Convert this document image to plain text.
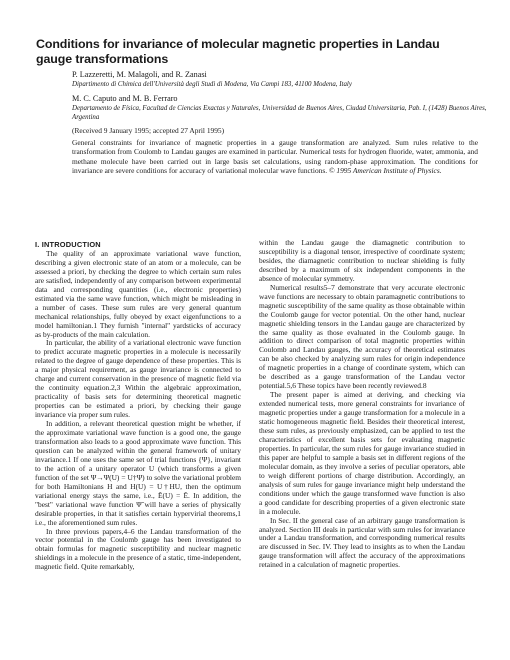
Conditions for invariance of molecular magnetic properties in Landau gauge transformations
P. Lazzeretti, M. Malagoli, and R. Zanasi
Dipartimento di Chimica dell'Università degli Studi di Modena, Via Campi 183, 41100 Modena, Italy
M. C. Caputo and M. B. Ferraro
Departamento de Física, Facultad de Ciencias Exactas y Naturales, Universidad de Buenos Aires, Ciudad Universitaria, Pab. I, (1428) Buenos Aires, Argentina
(Received 9 January 1995; accepted 27 April 1995)

General constraints for invariance of magnetic properties in a gauge transformation are analyzed. Sum rules relative to the transformation from Coulomb to Landau gauges are examined in particular. Numerical tests for hydrogen fluoride, water, ammonia, and methane molecule have been carried out in large basis set calculations, using random-phase approximation. The conditions for invariance are severe conditions for accuracy of variational molecular wave functions. © 1995 American Institute of Physics.

I. INTRODUCTION

The quality of an approximate variational wave function, describing a given electronic state of an atom or a molecule, can be assessed a priori, by checking the degree to which certain sum rules are satisfied, independently of any comparison between experimental data and corresponding quantities (i.e., electronic properties) estimated via the same wave function, which might be misleading in a number of cases. These sum rules are very general quantum mechanical relationships, fully obeyed by exact eigenfunctions to a model hamiltonian.1 They furnish "internal" yardsticks of accuracy as by-products of the main calculation.

In particular, the ability of a variational electronic wave function to predict accurate magnetic properties in a molecule is necessarily related to the degree of gauge dependence of these properties. This is a major physical requirement, as gauge invariance is connected to charge and current conservation in the presence of magnetic field via the continuity equation.2,3 Within the algebraic approximation, practicality of basis sets for determining theoretical magnetic properties can be estimated a priori, by checking their gauge invariance via proper sum rules.

In addition, a relevant theoretical question might be whether, if the approximate variational wave function is a good one, the gauge transformation also leads to a good approximate wave function. This question can be analyzed within the general framework of unitary invariance.1 If one uses the same set of trial functions {Ψ}, invariant to the action of a unitary operator U (which transforms a given function of the set Ψ→Ψ(U) = U†Ψ) to solve the variational problem for both Hamiltonians H and H(U) = U†HU, then the optimum variational energy stays the same, i.e., Ẽ(U) = Ẽ. In addition, the "best" variational wave function Ψ̃ will have a series of physically desirable properties, in that it satisfies certain hypervirial theorems,1 i.e., the aforementioned sum rules.

In three previous papers,4–6 the Landau transformation of the vector potential in the Coulomb gauge has been investigated to obtain formulas for magnetic susceptibility and nuclear magnetic shieldings in a molecule in the presence of a static, time-independent, magnetic field. Quite remarkably,

within the Landau gauge the diamagnetic contribution to susceptibility is a diagonal tensor, irrespective of coordinate system; besides, the diamagnetic contribution to nuclear shielding is fully described by a maximum of six independent components in the absence of molecular symmetry.

Numerical results5–7 demonstrate that very accurate electronic wave functions are necessary to obtain paramagnetic contributions to magnetic susceptibility of the same quality as those obtainable within the Coulomb gauge for vector potential. On the other hand, nuclear magnetic shielding tensors in the Landau gauge are characterized by the same quality as those evaluated in the Coulomb gauge. In addition to direct comparison of total magnetic properties within Coulomb and Landau gauges, the accuracy of theoretical estimates can be also checked by analyzing sum rules for origin independence of magnetic properties in a change of coordinate system, which can be described as a gauge transformation of the Landau vector potential.5,6 These topics have been recently reviewed.8

The present paper is aimed at deriving, and checking via extended numerical tests, more general constraints for invariance of magnetic properties under a gauge transformation for a molecule in a static homogeneous magnetic field. Besides their theoretical interest, these sum rules, as previously emphasized, can be applied to test the characteristics of excellent basis sets for evaluating magnetic properties. In particular, the sum rules for gauge invariance studied in this paper are helpful to sample a basis set in different regions of the molecular domain, as they involve a series of peculiar operators, able to weigh different portions of charge distribution. Accordingly, an analysis of sum rules for gauge invariance might help understand the conditions under which the gauge transformed wave function is also a good candidate for describing properties of a given electronic state in a molecule.

In Sec. II the general case of an arbitrary gauge transformation is analyzed. Section III deals in particular with sum rules for invariance under a Landau transformation, and corresponding numerical results are discussed in Sec. IV. They lead to insights as to when the Landau gauge transformation will affect the accuracy of the approximations retained in a calculation of magnetic properties.
